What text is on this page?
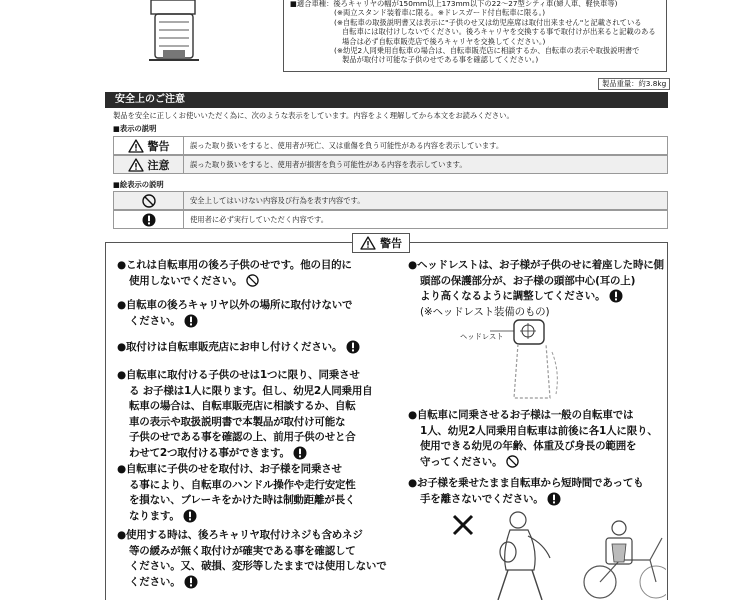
■適合車種：後ろキャリヤの幅が150mm以上173mm以下の22〜27型シティ車(婦人車、軽快車等)
(※両立スタンド装着車に限る。※ドレスガード付自転車に限る。)
(※自転車の取扱説明書又は表示に"子供のせ又は幼児座席は取付出来ません"と記載されている
自転車には取付けしないでください。後ろキャリヤを交換する事で取付けが出来ると記載のある
場合は必ず自転車販売店で後ろキャリヤを交換してください。)
(※幼児2人同乗用自転車の場合は、自転車販売店に相談するか、自転車の表示や取扱説明書で
製品が取付け可能な子供のせである事を確認してください。)
製品重量：約3.8kg
安全上のご注意
製品を安全に正しくお使いいただく為に、次のような表示をしています。内容をよく理解してから本文をお読みください。
■表示の説明
警告	誤った取り扱いをすると、使用者が死亡、又は重傷を負う可能性がある内容を表示しています。
注意	誤った取り扱いをすると、使用者が損害を負う可能性がある内容を表示しています。
■絵表示の説明
安全上してはいけない内容及び行為を表す内容です。
使用者に必ず実行していただく内容です。
警告
●これは自転車用の後ろ子供のせです。他の目的に
使用しないでください。
●自転車の後ろキャリヤ以外の場所に取付けないで
ください。
●取付けは自転車販売店にお申し付けください。
●自転車に取付ける子供のせは1つに限り、同乗させ
る お子様は1人に限ります。但し、幼児2人同乗用自
転車の場合は、自転車販売店に相談するか、自転
車の表示や取扱説明書で本製品が取付け可能な
子供のせである事を確認の上、前用子供のせと合
わせて2つ取付ける事ができます。
●自転車に子供のせを取付け、お子様を同乗させ
る事により、自転車のハンドル操作や走行安定性
を損ない、ブレーキをかけた時は制動距離が長く
なります。
●使用する時は、後ろキャリヤ取付けネジも含めネジ
等の緩みが無く取付けが確実である事を確認して
ください。又、破損、変形等したままでは使用しないで
ください。
●ヘッドレストは、お子様が子供のせに着座した時に側
頭部の保護部分が、お子様の頭部中心(耳の上)
より高くなるように調整してください。
(※ヘッドレスト装備のもの)
ヘッドレスト
●自転車に同乗させるお子様は一般の自転車では
1人、幼児2人同乗用自転車は前後に各1人に限り、
使用できる幼児の年齢、体重及び身長の範囲を
守ってください。
●お子様を乗せたまま自転車から短時間であっても
手を離さないでください。
